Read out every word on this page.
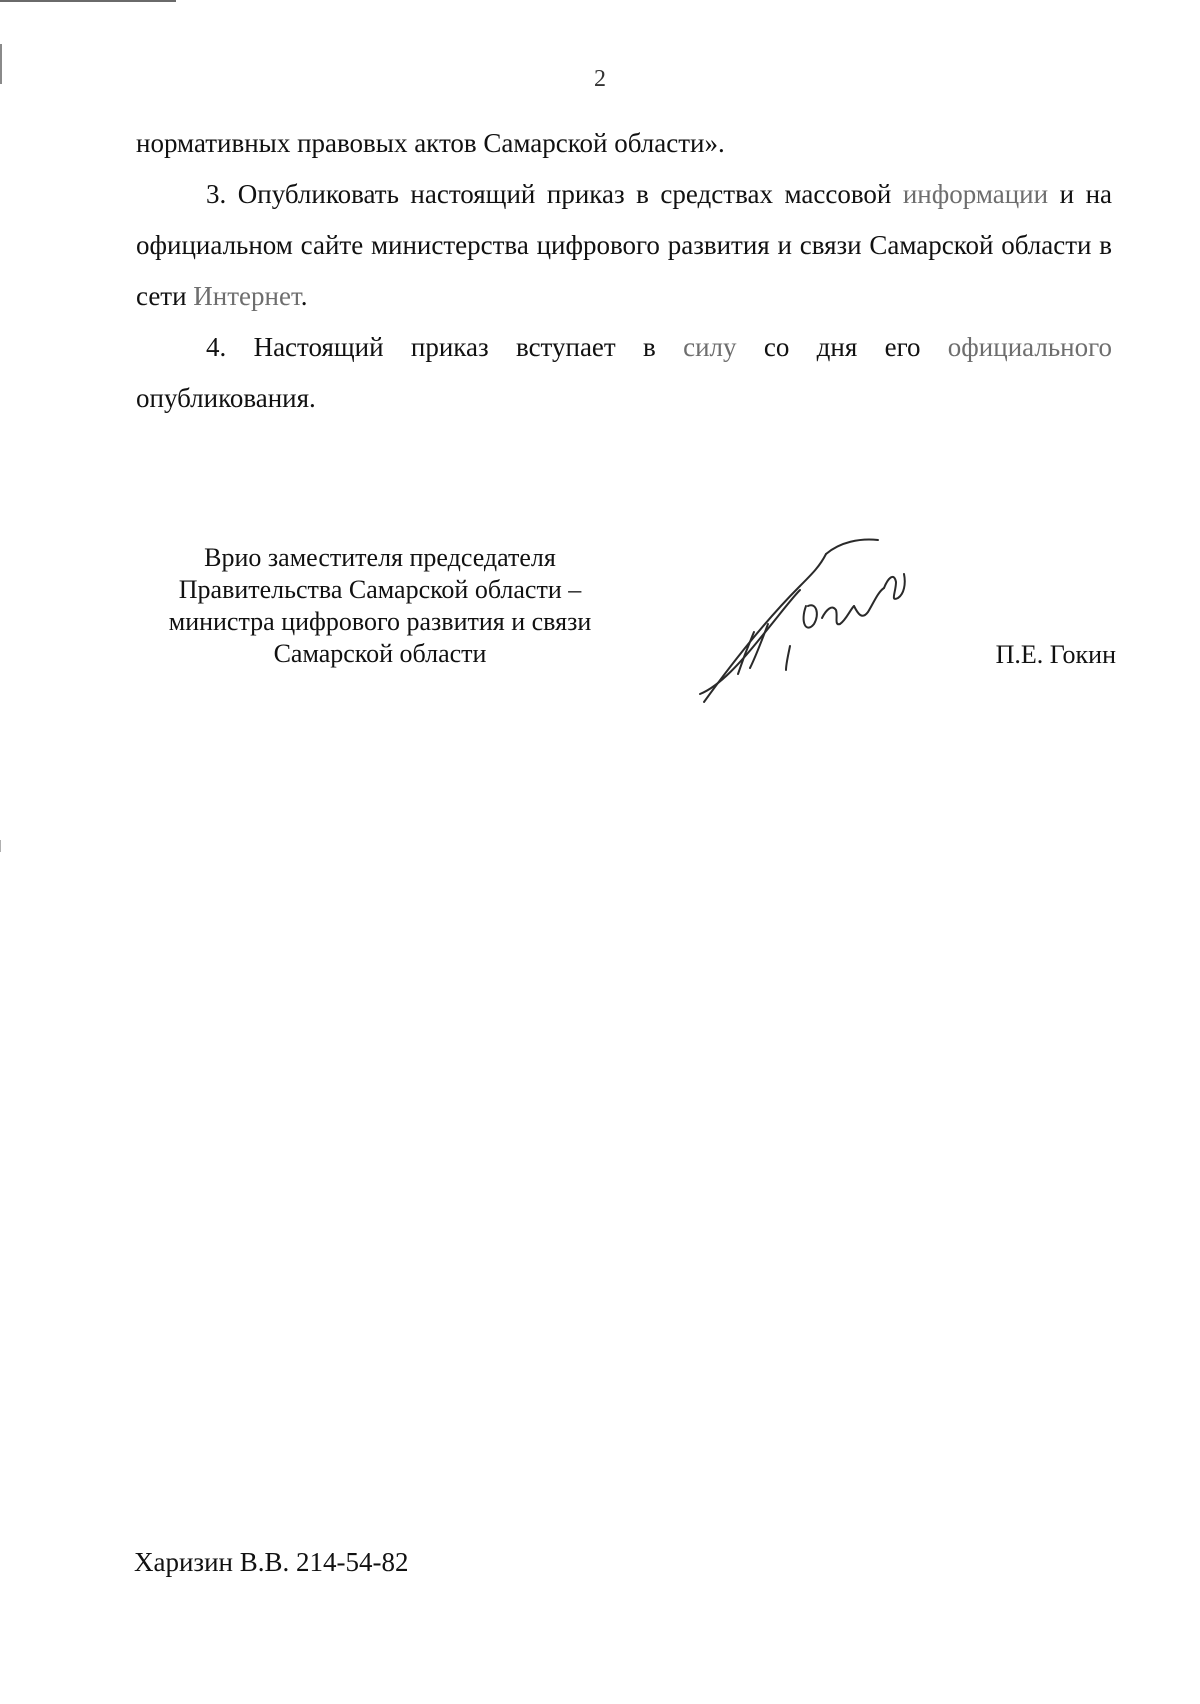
2

нормативных правовых актов Самарской области».

3. Опубликовать настоящий приказ в средствах массовой информации и на официальном сайте министерства цифрового развития и связи Самарской области в сети Интернет.

4. Настоящий приказ вступает в силу со дня его официального опубликования.

Врио заместителя председателя
Правительства Самарской области –
министра цифрового развития и связи
Самарской области	П.Е. Гокин
Харизин В.В. 214-54-82
